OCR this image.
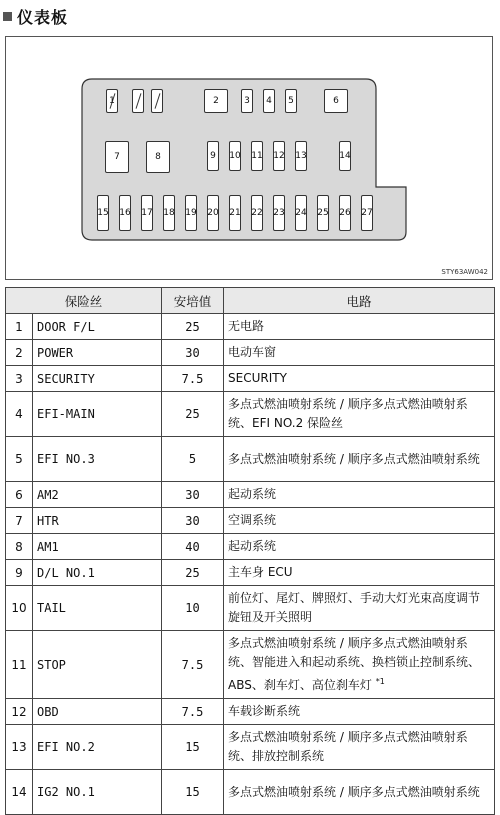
仪表板
1	2	3 4 5	6
7	8	9 10 11 12 13	14
15 16 17 18 19 20 21 22 23 24 25 26 27
STY63AW042
保险丝		安培值	电路
1	DOOR F/L	25	无电路
2	POWER	30	电动车窗
3	SECURITY	7.5	SECURITY
4	EFI-MAIN	25	多点式燃油喷射系统 / 顺序多点式燃油喷射系统、EFI NO.2 保险丝
5	EFI NO.3	5	多点式燃油喷射系统 / 顺序多点式燃油喷射系统
6	AM2	30	起动系统
7	HTR	30	空调系统
8	AM1	40	起动系统
9	D/L NO.1	25	主车身 ECU
10	TAIL	10	前位灯、尾灯、牌照灯、手动大灯光束高度调节旋钮及开关照明
11	STOP	7.5	多点式燃油喷射系统 / 顺序多点式燃油喷射系统、智能进入和起动系统、换档锁止控制系统、ABS、刹车灯、高位刹车灯 $^{*1}$
12	OBD	7.5	车载诊断系统
13	EFI NO.2	15	多点式燃油喷射系统 / 顺序多点式燃油喷射系统、排放控制系统
14	IG2 NO.1	15	多点式燃油喷射系统 / 顺序多点式燃油喷射系统
